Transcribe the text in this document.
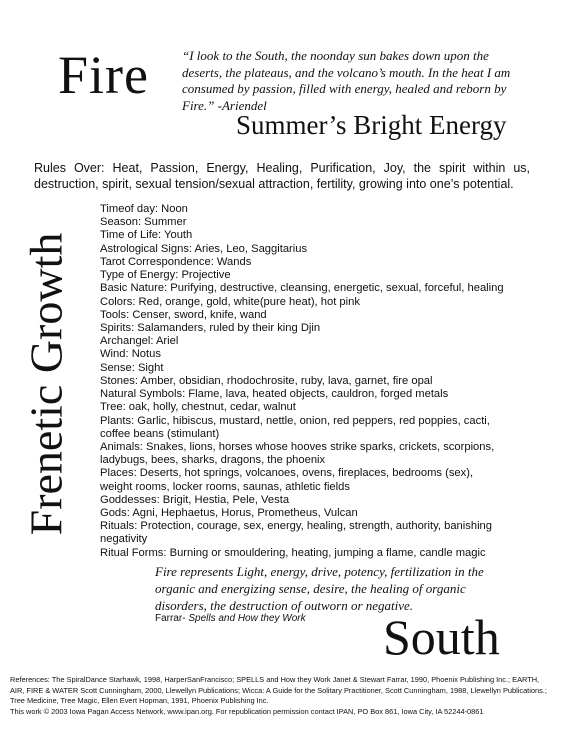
Fire	“I look to the South, the noonday sun bakes down upon the deserts, the plateaus, and the volcano’s mouth. In the heat I am consumed by passion, filled with energy, healed and reborn by Fire.” -Ariendel
Summer’s Bright Energy
Rules Over: Heat, Passion, Energy, Healing, Purification, Joy, the spirit within us, destruction, spirit, sexual tension/sexual attraction, fertility, growing into one’s potential.
Frenetic Growth
Timeof day: Noon
Season: Summer
Time of Life: Youth
Astrological Signs: Aries, Leo, Saggitarius
Tarot Correspondence: Wands
Type of Energy: Projective
Basic Nature: Purifying, destructive, cleansing, energetic, sexual, forceful, healing
Colors: Red, orange, gold, white(pure heat), hot pink
Tools: Censer, sword, knife, wand
Spirits: Salamanders, ruled by their king Djin
Archangel: Ariel
Wind: Notus
Sense: Sight
Stones: Amber, obsidian, rhodochrosite, ruby, lava, garnet, fire opal
Natural Symbols: Flame, lava, heated objects, cauldron, forged metals
Tree: oak, holly, chestnut, cedar, walnut
Plants: Garlic, hibiscus, mustard, nettle, onion, red peppers, red poppies, cacti, coffee beans (stimulant)
Animals: Snakes, lions, horses whose hooves strike sparks, crickets, scorpions, ladybugs, bees, sharks, dragons, the phoenix
Places: Deserts, hot springs, volcanoes, ovens, fireplaces, bedrooms (sex), weight rooms, locker rooms, saunas, athletic fields
Goddesses: Brigit, Hestia, Pele, Vesta
Gods: Agni, Hephaetus, Horus, Prometheus, Vulcan
Rituals: Protection, courage, sex, energy, healing, strength, authority, banishing negativity
Ritual Forms: Burning or smouldering, heating, jumping a flame, candle magic
Fire represents Light, energy, drive, potency, fertilization in the organic and energizing sense, desire, the healing of organic disorders, the destruction of outworn or negative.
Farrar- Spells and How they Work South
References: The SpiralDance Starhawk, 1998, HarperSanFrancisco; SPELLS and How they Work Janet & Stewart Farrar, 1990, Phoenix Publishing Inc.; EARTH, AIR, FIRE & WATER Scott Cunningham, 2000, Llewellyn Publications; Wicca: A Guide for the Solitary Practitioner, Scott Cunningham, 1988, Llewellyn Publications.; Tree Medicine, Tree Magic, Ellen Evert Hopman, 1991, Phoenix Publishing Inc.
This work © 2003 Iowa Pagan Access Network, www.ipan.org. For republication permission contact IPAN, PO Box 861, Iowa City, IA 52244-0861
